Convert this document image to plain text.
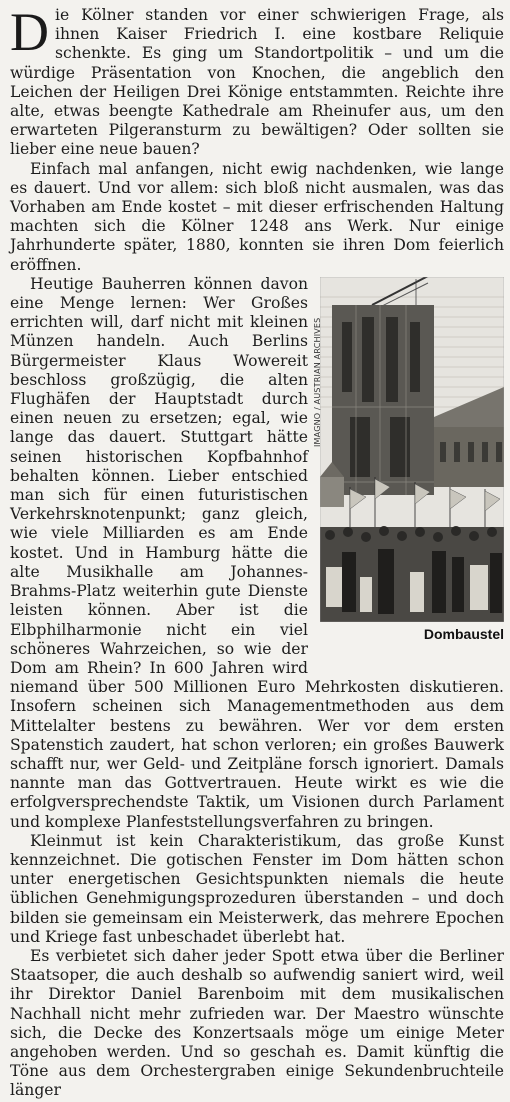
Die Kölner standen vor einer schwierigen Frage, als ihnen Kaiser Friedrich I. eine kostbare Reliquie schenkte. Es ging um Standortpolitik – und um die würdige Präsentation von Knochen, die angeblich den Leichen der Heiligen Drei Könige entstammten. Reichte ihre alte, etwas beengte Kathedrale am Rheinufer aus, um den erwarteten Pilgeransturm zu bewältigen? Oder sollten sie lieber eine neue bauen?

Einfach mal anfangen, nicht ewig nachdenken, wie lange es dauert. Und vor allem: sich bloß nicht ausmalen, was das Vorhaben am Ende kostet – mit dieser erfrischenden Haltung machten sich die Kölner 1248 ans Werk. Nur einige Jahrhunderte später, 1880, konnten sie ihren Dom feierlich eröffnen.

IMAGNO / AUSTRIAN ARCHIVES
Dombaustel
Heutige Bauherren können davon eine Menge lernen: Wer Großes errichten will, darf nicht mit kleinen Münzen handeln. Auch Berlins Bürgermeister Klaus Wowereit beschloss großzügig, die alten Flughäfen der Hauptstadt durch einen neuen zu ersetzen; egal, wie lange das dauert. Stuttgart hätte seinen historischen Kopfbahnhof behalten können. Lieber entschied man sich für einen futuristischen Verkehrsknotenpunkt; ganz gleich, wie viele Milliarden es am Ende kostet. Und in Hamburg hätte die alte Musikhalle am Johannes-Brahms-Platz weiterhin gute Dienste leisten können. Aber ist die Elbphilharmonie nicht ein viel schöneres Wahrzeichen, so wie der Dom am Rhein? In 600 Jahren wird niemand über 500 Millionen Euro Mehrkosten diskutieren. Insofern scheinen sich Managementmethoden aus dem Mittelalter bestens zu bewähren. Wer vor dem ersten Spatenstich zaudert, hat schon verloren; ein großes Bauwerk schafft nur, wer Geld- und Zeitpläne forsch ignoriert. Damals nannte man das Gottvertrauen. Heute wirkt es wie die erfolgversprechendste Taktik, um Visionen durch Parlament und komplexe Planfeststellungsverfahren zu bringen.

Kleinmut ist kein Charakteristikum, das große Kunst kennzeichnet. Die gotischen Fenster im Dom hätten schon unter energetischen Gesichtspunkten niemals die heute üblichen Genehmigungsprozeduren überstanden – und doch bilden sie gemeinsam ein Meisterwerk, das mehrere Epochen und Kriege fast unbeschadet überlebt hat.

Es verbietet sich daher jeder Spott etwa über die Berliner Staatsoper, die auch deshalb so aufwendig saniert wird, weil ihr Direktor Daniel Barenboim mit dem musikalischen Nachhall nicht mehr zufrieden war. Der Maestro wünschte sich, die Decke des Konzertsaals möge um einige Meter angehoben werden. Und so geschah es. Damit künftig die Töne aus dem Orchestergraben einige Sekundenbruchteile länger
